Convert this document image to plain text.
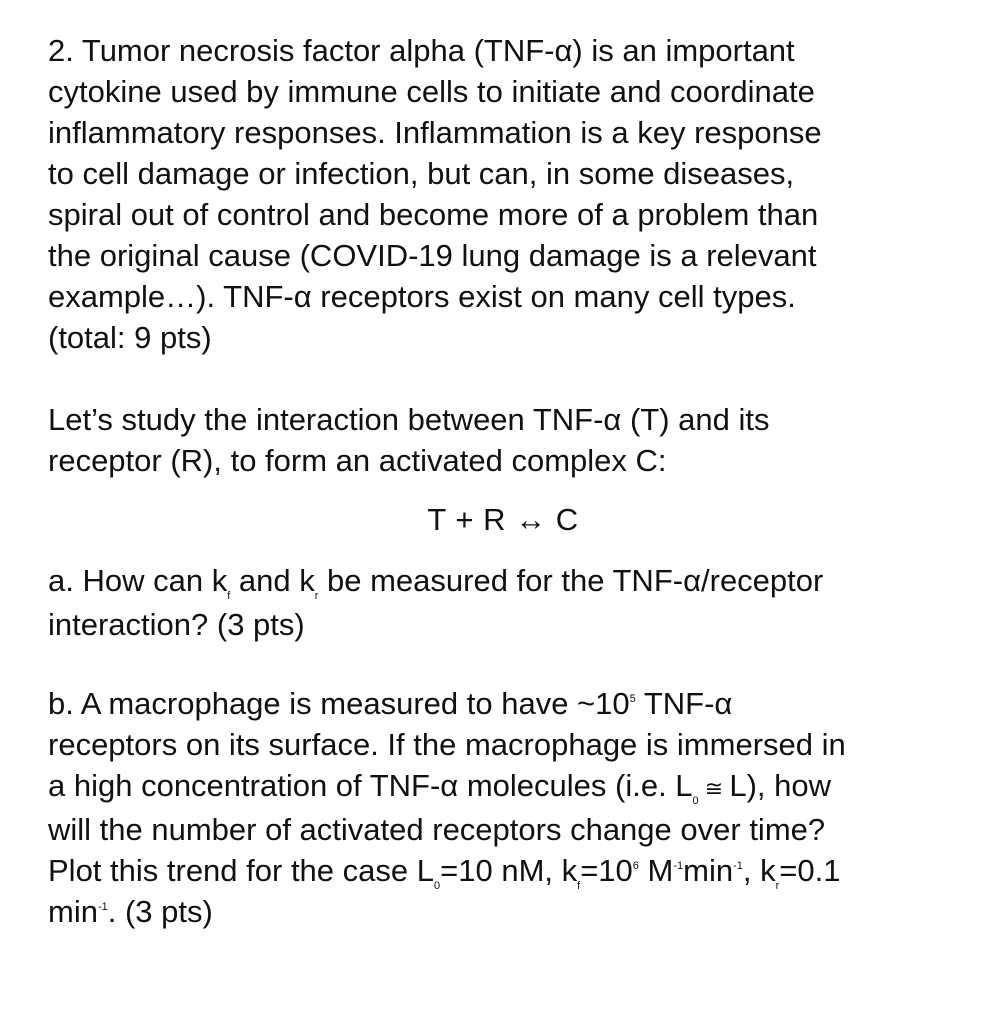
2. Tumor necrosis factor alpha (TNF-α) is an important
cytokine used by immune cells to initiate and coordinate
inflammatory responses. Inflammation is a key response
to cell damage or infection, but can, in some diseases,
spiral out of control and become more of a problem than
the original cause (COVID-19 lung damage is a relevant
example…). TNF-α receptors exist on many cell types.
(total: 9 pts)
Let’s study the interaction between TNF-α (T) and its
receptor (R), to form an activated complex C:
T + R ↔ C
a. How can $k_f$ and $k_r$ be measured for the TNF-α/receptor
interaction? (3 pts)
b. A macrophage is measured to have $\sim 10^5$ TNF-α
receptors on its surface. If the macrophage is immersed in
a high concentration of TNF-α molecules (i.e. $L_0$ ≅ L), how
will the number of activated receptors change over time?
Plot this trend for the case $L_0=10$ nM, $k_f=10^6$ $M^{-1}\min^{-1}$, $k_r=0.1$
$\min^{-1}$. (3 pts)
